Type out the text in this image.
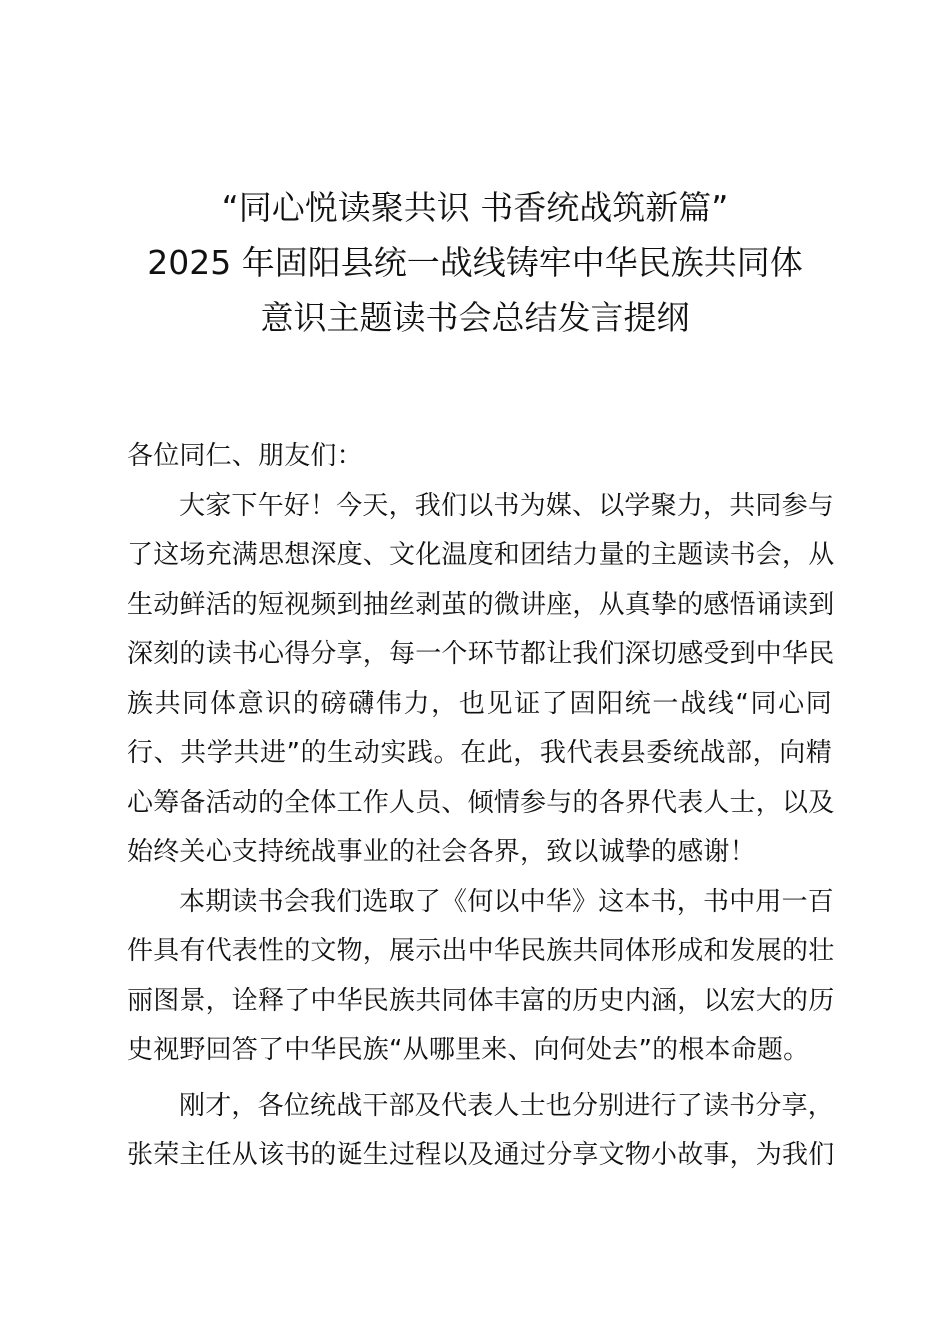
“同心悦读聚共识 书香统战筑新篇”
2025 年固阳县统一战线铸牢中华民族共同体
意识主题读书会总结发言提纲
各位同仁、朋友们：
大家下午好！今天，我们以书为媒、以学聚力，共同参与
了这场充满思想深度、文化温度和团结力量的主题读书会，从
生动鲜活的短视频到抽丝剥茧的微讲座，从真挚的感悟诵读到
深刻的读书心得分享，每一个环节都让我们深切感受到中华民
族共同体意识的磅礴伟力，也见证了固阳统一战线“同心同
行、共学共进”的生动实践。在此，我代表县委统战部，向精
心筹备活动的全体工作人员、倾情参与的各界代表人士，以及
始终关心支持统战事业的社会各界，致以诚挚的感谢！
本期读书会我们选取了《何以中华》这本书，书中用一百
件具有代表性的文物，展示出中华民族共同体形成和发展的壮
丽图景，诠释了中华民族共同体丰富的历史内涵，以宏大的历
史视野回答了中华民族“从哪里来、向何处去”的根本命题。
刚才，各位统战干部及代表人士也分别进行了读书分享，
张荣主任从该书的诞生过程以及通过分享文物小故事，为我们
